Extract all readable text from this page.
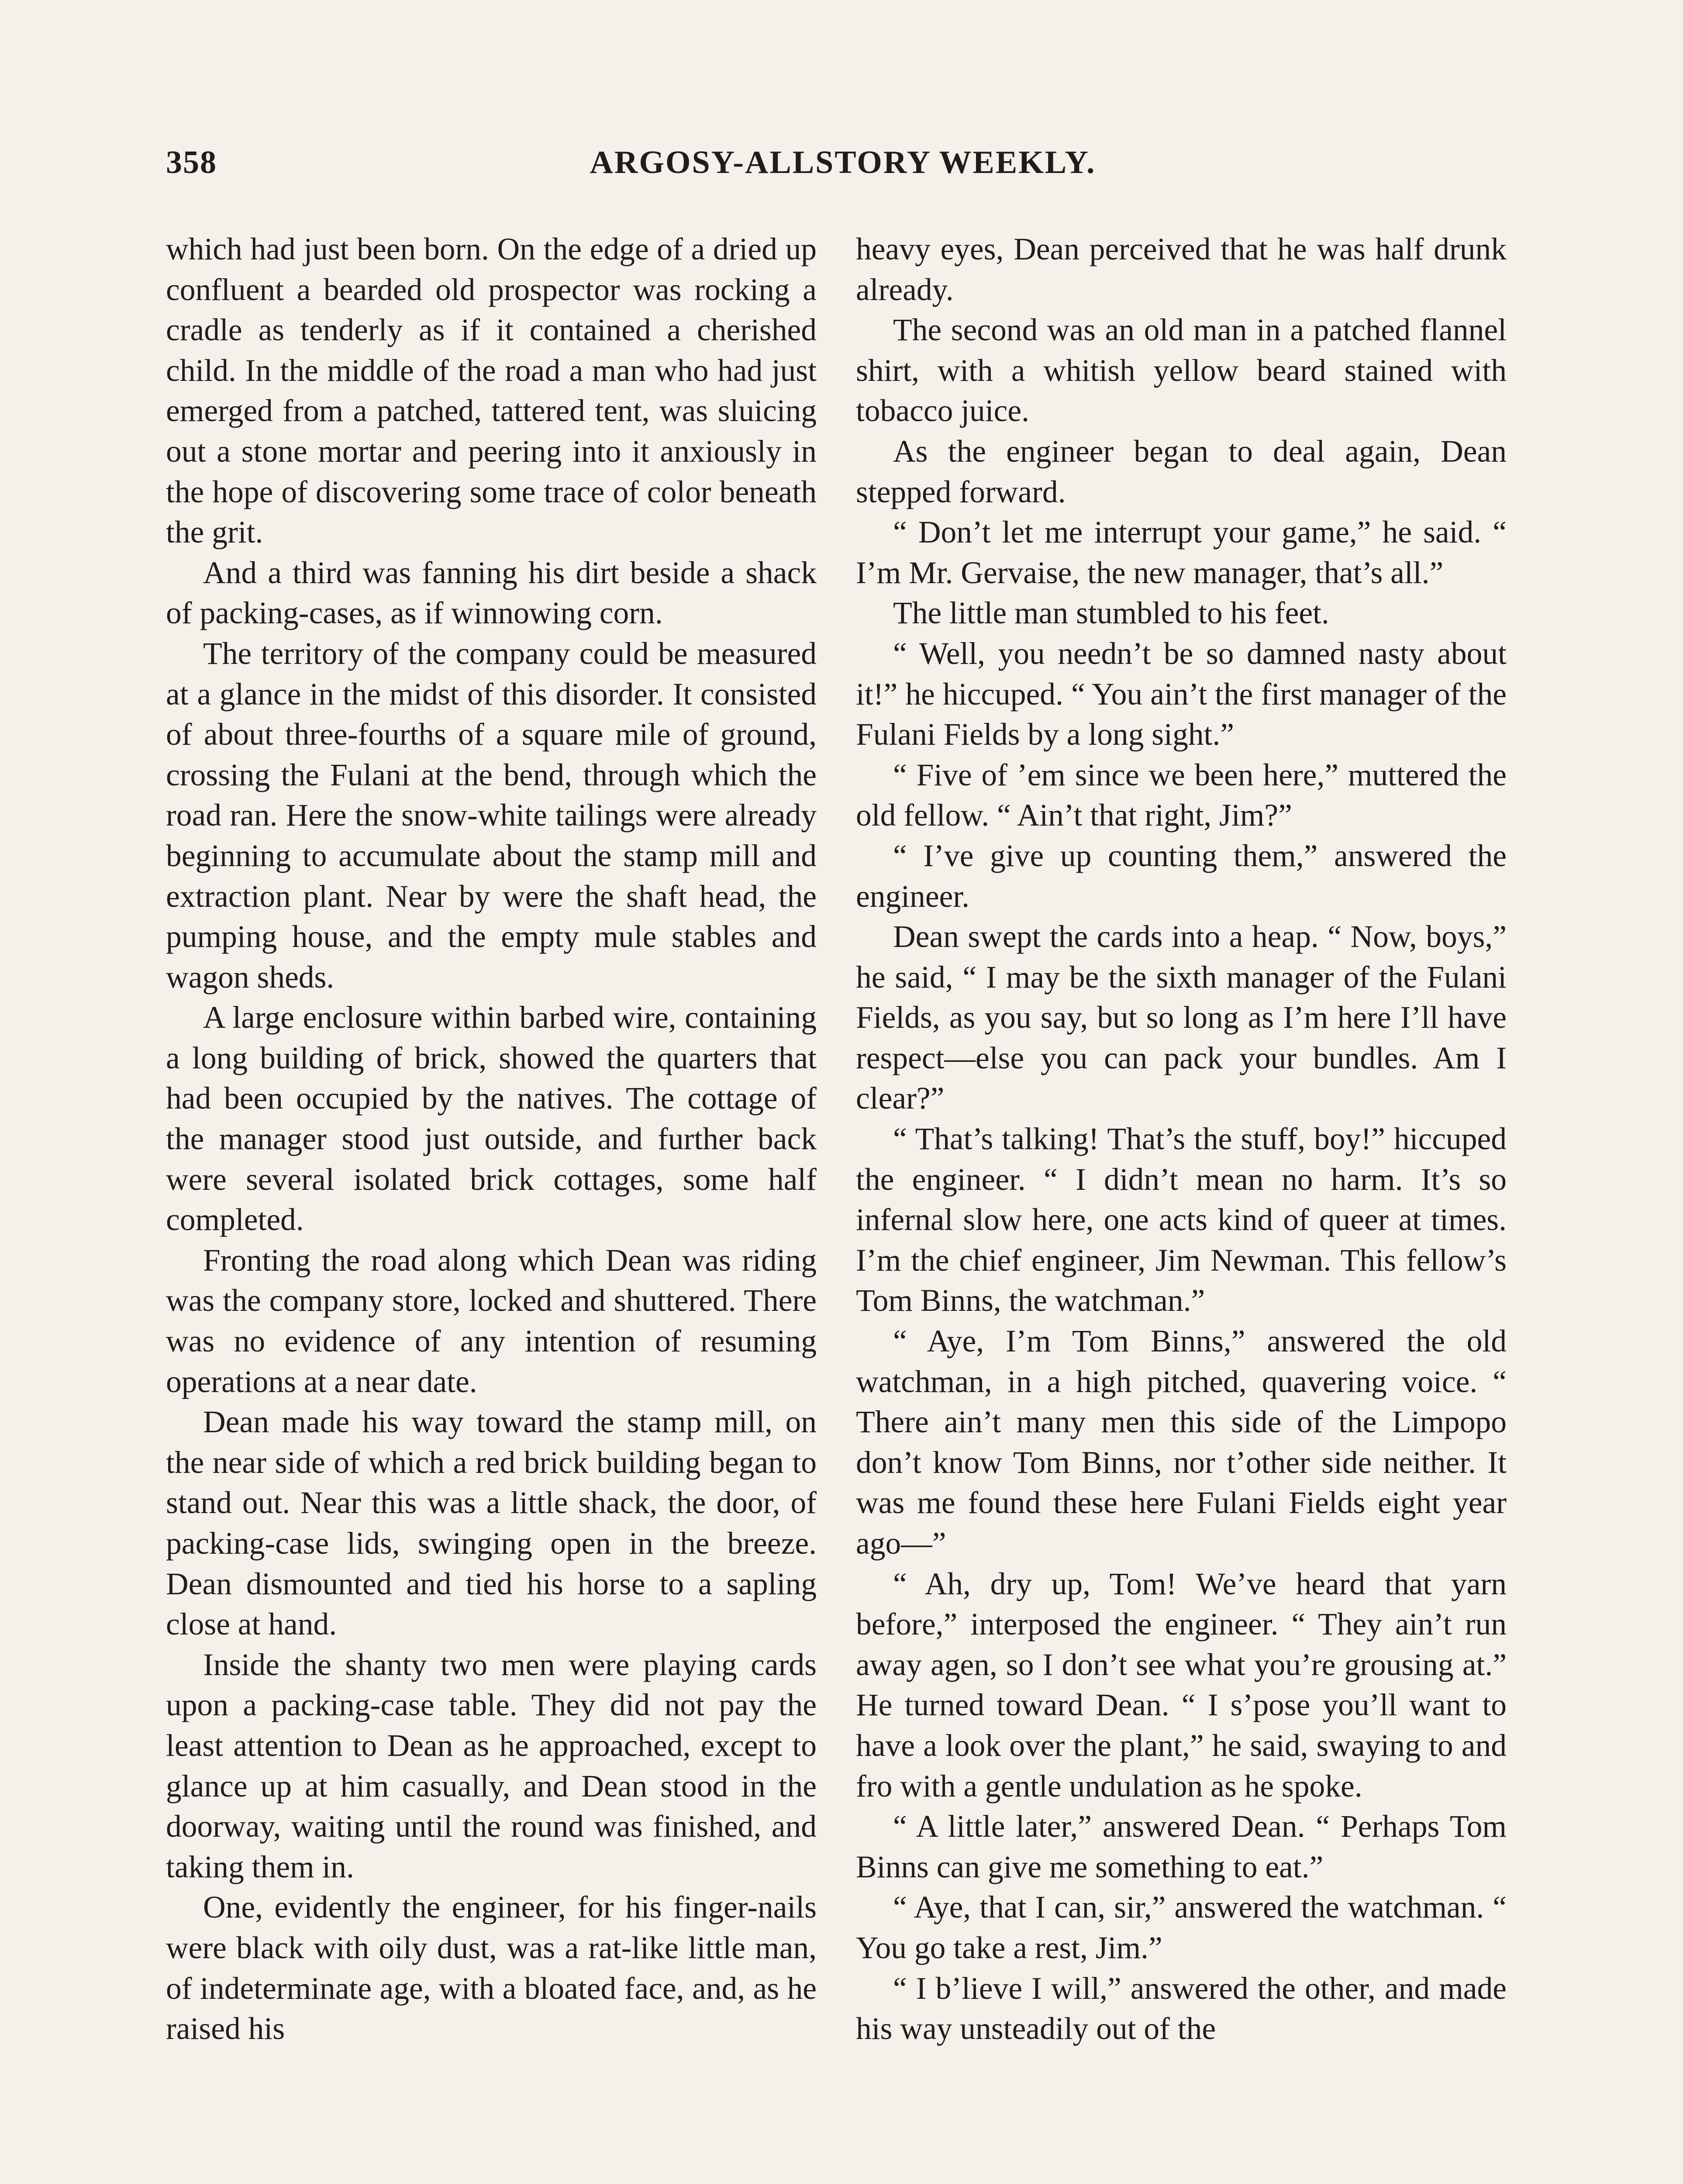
358	ARGOSY-ALLSTORY WEEKLY.

which had just been born. On the edge of a dried up confluent a bearded old prospector was rocking a cradle as tenderly as if it contained a cherished child. In the middle of the road a man who had just emerged from a patched, tattered tent, was sluicing out a stone mortar and peering into it anxiously in the hope of discovering some trace of color beneath the grit.

And a third was fanning his dirt beside a shack of packing-cases, as if winnowing corn.

The territory of the company could be measured at a glance in the midst of this disorder. It consisted of about three-fourths of a square mile of ground, crossing the Fulani at the bend, through which the road ran. Here the snow-white tailings were already beginning to accumulate about the stamp mill and extraction plant. Near by were the shaft head, the pumping house, and the empty mule stables and wagon sheds.

A large enclosure within barbed wire, containing a long building of brick, showed the quarters that had been occupied by the natives. The cottage of the manager stood just outside, and further back were several isolated brick cottages, some half completed.

Fronting the road along which Dean was riding was the company store, locked and shuttered. There was no evidence of any intention of resuming operations at a near date.

Dean made his way toward the stamp mill, on the near side of which a red brick building began to stand out. Near this was a little shack, the door, of packing-case lids, swinging open in the breeze. Dean dismounted and tied his horse to a sapling close at hand.

Inside the shanty two men were playing cards upon a packing-case table. They did not pay the least attention to Dean as he approached, except to glance up at him casually, and Dean stood in the doorway, waiting until the round was finished, and taking them in.

One, evidently the engineer, for his finger-nails were black with oily dust, was a rat-like little man, of indeterminate age, with a bloated face, and, as he raised his

heavy eyes, Dean perceived that he was half drunk already.

The second was an old man in a patched flannel shirt, with a whitish yellow beard stained with tobacco juice.

As the engineer began to deal again, Dean stepped forward.

“ Don’t let me interrupt your game,” he said. “ I’m Mr. Gervaise, the new manager, that’s all.”

The little man stumbled to his feet.

“ Well, you needn’t be so damned nasty about it!” he hiccuped. “ You ain’t the first manager of the Fulani Fields by a long sight.”

“ Five of ’em since we been here,” muttered the old fellow. “ Ain’t that right, Jim?”

“ I’ve give up counting them,” answered the engineer.

Dean swept the cards into a heap. “ Now, boys,” he said, “ I may be the sixth manager of the Fulani Fields, as you say, but so long as I’m here I’ll have respect—else you can pack your bundles. Am I clear?”

“ That’s talking! That’s the stuff, boy!” hiccuped the engineer. “ I didn’t mean no harm. It’s so infernal slow here, one acts kind of queer at times. I’m the chief engineer, Jim Newman. This fellow’s Tom Binns, the watchman.”

“ Aye, I’m Tom Binns,” answered the old watchman, in a high pitched, quavering voice. “ There ain’t many men this side of the Limpopo don’t know Tom Binns, nor t’other side neither. It was me found these here Fulani Fields eight year ago—”

“ Ah, dry up, Tom! We’ve heard that yarn before,” interposed the engineer. “ They ain’t run away agen, so I don’t see what you’re grousing at.” He turned toward Dean. “ I s’pose you’ll want to have a look over the plant,” he said, swaying to and fro with a gentle undulation as he spoke.

“ A little later,” answered Dean. “ Perhaps Tom Binns can give me something to eat.”

“ Aye, that I can, sir,” answered the watchman. “ You go take a rest, Jim.”

“ I b’lieve I will,” answered the other, and made his way unsteadily out of the
